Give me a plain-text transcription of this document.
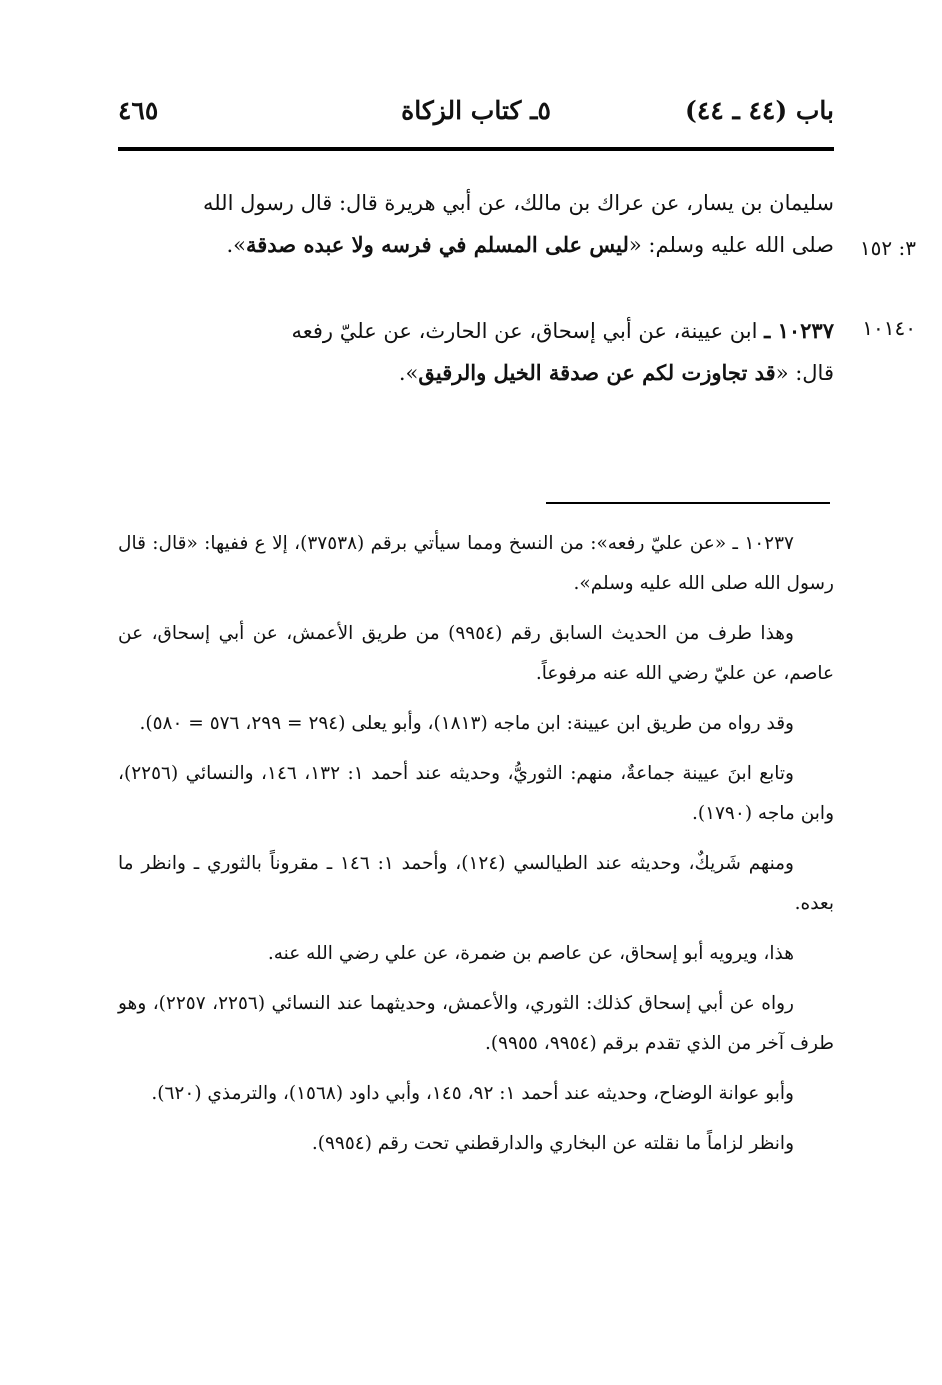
باب (٤٤ ـ ٤٤)
٥ـ كتاب الزكاة
٤٦٥
سليمان بن يسار، عن عراك بن مالك، عن أبي هريرة قال: قال رسول الله
صلى الله عليه وسلم: «ليس على المسلم في فرسه ولا عبده صدقة».	٣: ١٥٢
١٠٢٣٧ ـ ابن عيينة، عن أبي إسحاق، عن الحارث، عن عليّ رفعه
قال: «قد تجاوزت لكم عن صدقة الخيل والرقيق».
١٠١٤٠

١٠٢٣٧ ـ «عن عليّ رفعه»: من النسخ ومما سيأتي برقم (٣٧٥٣٨)، إلا ع ففيها: «قال: قال رسول الله صلى الله عليه وسلم».

وهذا طرف من الحديث السابق رقم (٩٩٥٤) من طريق الأعمش، عن أبي إسحاق، عن عاصم، عن عليّ رضي الله عنه مرفوعاً.

وقد رواه من طريق ابن عيينة: ابن ماجه (١٨١٣)، وأبو يعلى (٢٩٤ = ٢٩٩، ٥٧٦ = ٥٨٠).

وتابع ابنَ عيينة جماعةٌ، منهم: الثوريُّ، وحديثه عند أحمد ١: ١٣٢، ١٤٦، والنسائي (٢٢٥٦)، وابن ماجه (١٧٩٠).

ومنهم شَريكٌ، وحديثه عند الطيالسي (١٢٤)، وأحمد ١: ١٤٦ ـ مقروناً بالثوري ـ وانظر ما بعده.

هذا، ويرويه أبو إسحاق، عن عاصم بن ضمرة، عن علي رضي الله عنه.

رواه عن أبي إسحاق كذلك: الثوري، والأعمش، وحديثهما عند النسائي (٢٢٥٦، ٢٢٥٧)، وهو طرف آخر من الذي تقدم برقم (٩٩٥٤، ٩٩٥٥).

وأبو عوانة الوضاح، وحديثه عند أحمد ١: ٩٢، ١٤٥، وأبي داود (١٥٦٨)، والترمذي (٦٢٠).

وانظر لزاماً ما نقلته عن البخاري والدارقطني تحت رقم (٩٩٥٤).
